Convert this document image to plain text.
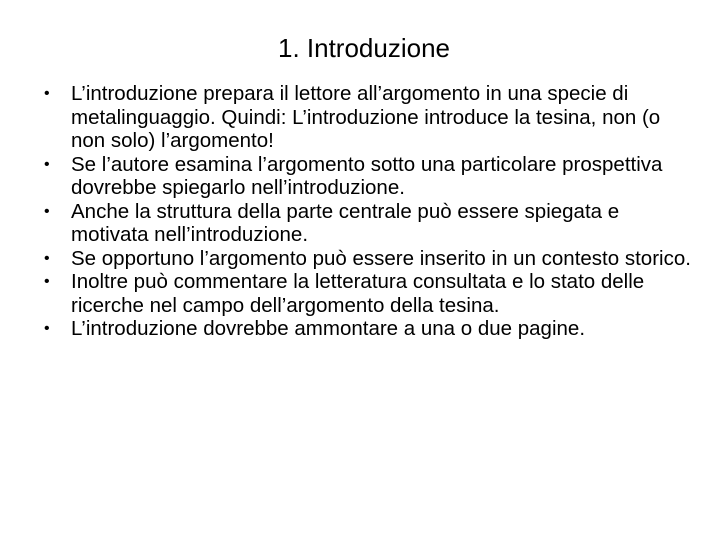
1. Introduzione
• L’introduzione prepara il lettore all’argomento in una specie di metalinguaggio. Quindi: L’introduzione introduce la tesina, non (o non solo) l’argomento!
• Se l’autore esamina l’argomento sotto una particolare prospettiva dovrebbe spiegarlo nell’introduzione.
• Anche la struttura della parte centrale può essere spiegata e motivata nell’introduzione.
• Se opportuno l’argomento può essere inserito in un contesto storico.
• Inoltre può commentare la letteratura consultata e lo stato delle ricerche nel campo dell’argomento della tesina.
• L’introduzione dovrebbe ammontare a una o due pagine.
